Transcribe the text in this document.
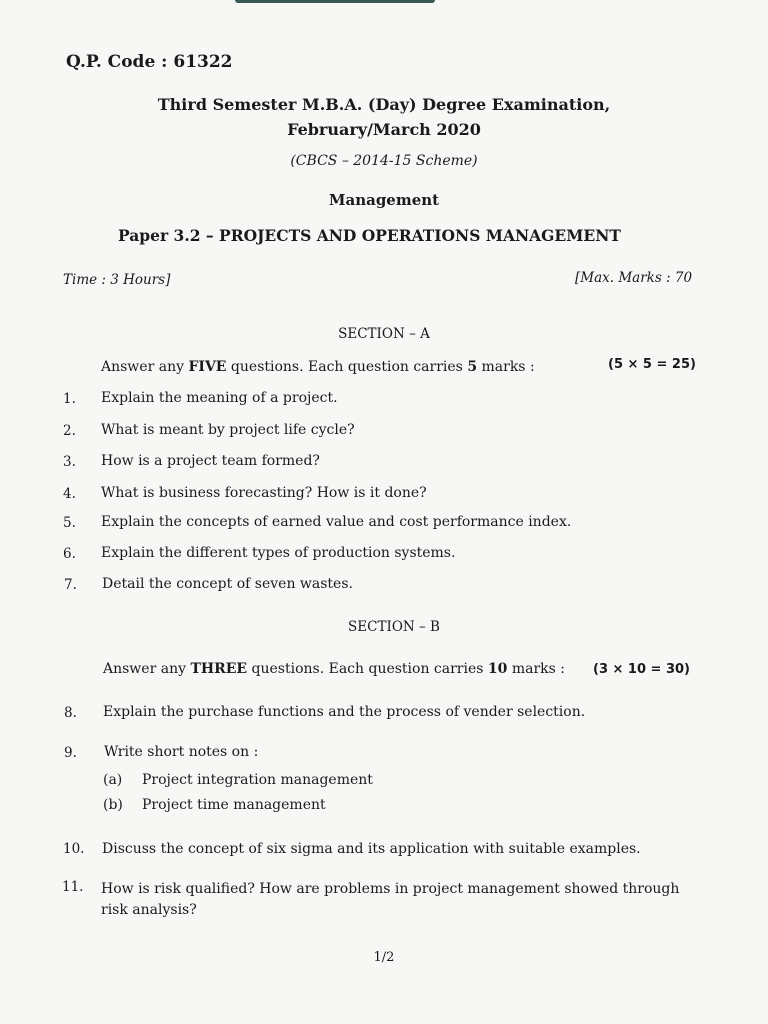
Q.P. Code : 61322
Third Semester M.B.A. (Day) Degree Examination,
February/March 2020
(CBCS – 2014-15 Scheme)
Management
Paper 3.2 – PROJECTS AND OPERATIONS MANAGEMENT
Time : 3 Hours]	[Max. Marks : 70
SECTION – A
Answer any FIVE questions. Each question carries 5 marks :	(5 × 5 = 25)
1. Explain the meaning of a project.
2. What is meant by project life cycle?
3. How is a project team formed?
4. What is business forecasting? How is it done?
5. Explain the concepts of earned value and cost performance index.
6. Explain the different types of production systems.
7. Detail the concept of seven wastes.
SECTION – B
Answer any THREE questions. Each question carries 10 marks : (3 × 10 = 30)
8. Explain the purchase functions and the process of vender selection.
9. Write short notes on :
(a) Project integration management
(b) Project time management
10. Discuss the concept of six sigma and its application with suitable examples.
11. How is risk qualified? How are problems in project management showed through
risk analysis?
1/2
